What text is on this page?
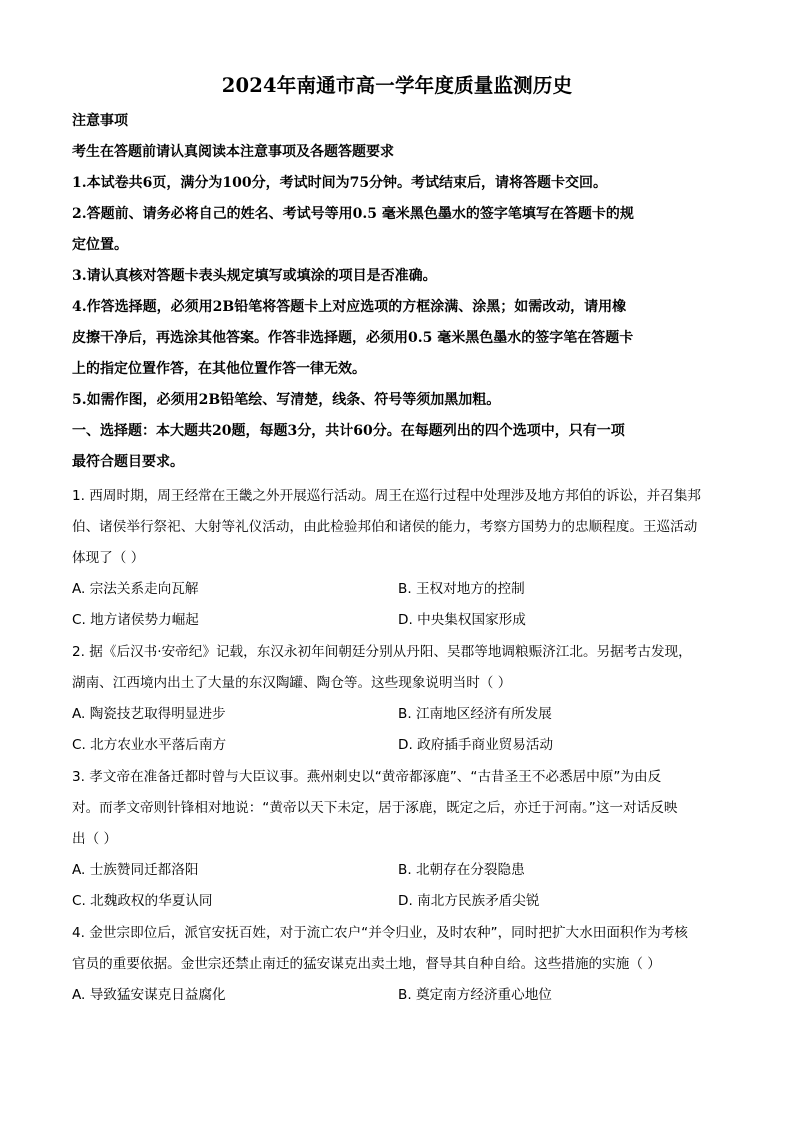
2024年南通市高一学年度质量监测历史
注意事项
考生在答题前请认真阅读本注意事项及各题答题要求
1.本试卷共6页，满分为100分，考试时间为75分钟。考试结束后，请将答题卡交回。
2.答题前、请务必将自己的姓名、考试号等用0.5 毫米黑色墨水的签字笔填写在答题卡的规
定位置。
3.请认真核对答题卡表头规定填写或填涂的项目是否准确。
4.作答选择题，必须用2B铅笔将答题卡上对应选项的方框涂满、涂黑；如需改动，请用橡
皮擦干净后，再选涂其他答案。作答非选择题，必须用0.5 毫米黑色墨水的签字笔在答题卡
上的指定位置作答，在其他位置作答一律无效。
5.如需作图，必须用2B铅笔绘、写清楚，线条、符号等须加黑加粗。
一、选择题：本大题共20题，每题3分，共计60分。在每题列出的四个选项中，只有一项
最符合题目要求。
1. 西周时期，周王经常在王畿之外开展巡行活动。周王在巡行过程中处理涉及地方邦伯的诉讼，并召集邦
伯、诸侯举行祭祀、大射等礼仪活动，由此检验邦伯和诸侯的能力，考察方国势力的忠顺程度。王巡活动
体现了（ ）
A. 宗法关系走向瓦解	B. 王权对地方的控制
C. 地方诸侯势力崛起	D. 中央集权国家形成
2. 据《后汉书·安帝纪》记载，东汉永初年间朝廷分别从丹阳、吴郡等地调粮赈济江北。另据考古发现，
湖南、江西境内出土了大量的东汉陶罐、陶仓等。这些现象说明当时（ ）
A. 陶瓷技艺取得明显进步	B. 江南地区经济有所发展
C. 北方农业水平落后南方	D. 政府插手商业贸易活动
3. 孝文帝在准备迁都时曾与大臣议事。燕州刺史以“黄帝都涿鹿”、“古昔圣王不必悉居中原”为由反
对。而孝文帝则针锋相对地说：“黄帝以天下未定，居于涿鹿，既定之后，亦迁于河南。”这一对话反映
出（ ）
A. 士族赞同迁都洛阳	B. 北朝存在分裂隐患
C. 北魏政权的华夏认同	D. 南北方民族矛盾尖锐
4. 金世宗即位后，派官安抚百姓，对于流亡农户“并令归业，及时农种”，同时把扩大水田面积作为考核
官员的重要依据。金世宗还禁止南迁的猛安谋克出卖土地，督导其自种自给。这些措施的实施（ ）
A. 导致猛安谋克日益腐化	B. 奠定南方经济重心地位
